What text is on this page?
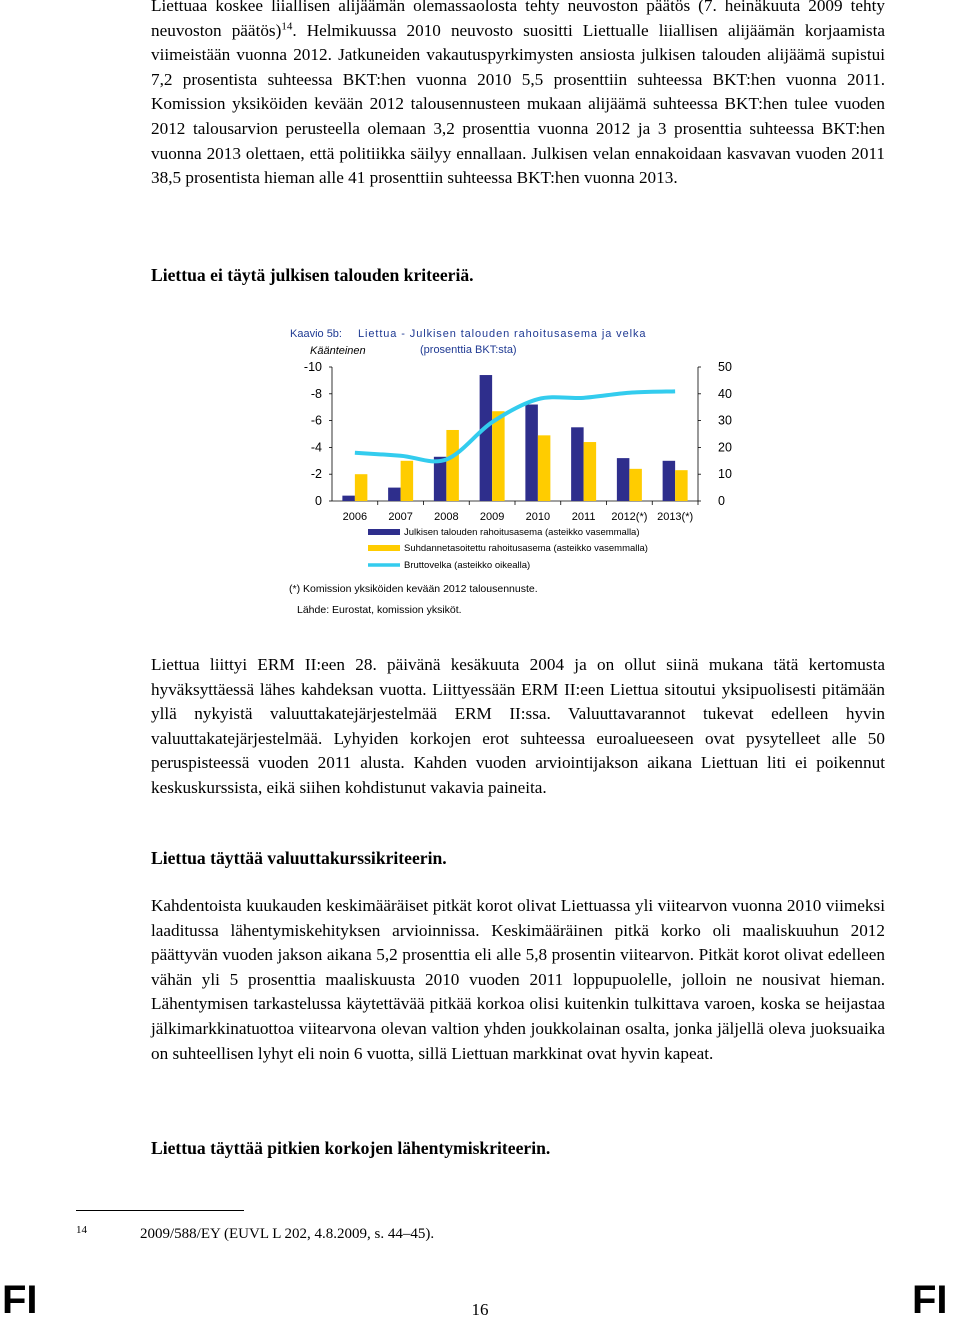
Liettuaa koskee liiallisen alijäämän olemassaolosta tehty neuvoston päätös (7. heinäkuuta 2009 tehty neuvoston päätös)$^{14}$. Helmikuussa 2010 neuvosto suositti Liettualle liiallisen alijäämän korjaamista viimeistään vuonna 2012. Jatkuneiden vakautuspyrkimysten ansiosta julkisen talouden alijäämä supistui 7,2 prosentista suhteessa BKT:hen vuonna 2010 5,5 prosenttiin suhteessa BKT:hen vuonna 2011. Komission yksiköiden kevään 2012 talousennusteen mukaan alijäämä suhteessa BKT:hen tulee vuoden 2012 talousarvion perusteella olemaan 3,2 prosenttia vuonna 2012 ja 3 prosenttia suhteessa BKT:hen vuonna 2013 olettaen, että politiikka säilyy ennallaan. Julkisen velan ennakoidaan kasvavan vuoden 2011 38,5 prosentista hieman alle 41 prosenttiin suhteessa BKT:hen vuonna 2013.

Liettua ei täytä julkisen talouden kriteeriä.

Kaavio 5b: Liettua - Julkisen talouden rahoitusasema ja velka
(prosenttia BKT:sta)
Käänteinen
-10
-8
-6
-4
-2
0
50
40
30
20
10
0
2006 2007 2008 2009 2010 2011 2012(*) 2013(*)
Julkisen talouden rahoitusasema (asteikko vasemmalla)
Suhdannetasoitettu rahoitusasema (asteikko vasemmalla)
Bruttovelka (asteikko oikealla)
(*) Komission yksiköiden kevään 2012 talousennuste.
Lähde: Eurostat, komission yksiköt.

Liettua liittyi ERM II:een 28. päivänä kesäkuuta 2004 ja on ollut siinä mukana tätä kertomusta hyväksyttäessä lähes kahdeksan vuotta. Liittyessään ERM II:een Liettua sitoutui yksipuolisesti pitämään yllä nykyistä valuuttakatejärjestelmää ERM II:ssa. Valuuttavarannot tukevat edelleen hyvin valuuttakatejärjestelmää. Lyhyiden korkojen erot suhteessa euroalueeseen ovat pysytelleet alle 50 peruspisteessä vuoden 2011 alusta. Kahden vuoden arviointijakson aikana Liettuan liti ei poikennut keskuskurssista, eikä siihen kohdistunut vakavia paineita.

Liettua täyttää valuuttakurssikriteerin.

Kahdentoista kuukauden keskimääräiset pitkät korot olivat Liettuassa yli viitearvon vuonna 2010 viimeksi laaditussa lähentymiskehityksen arvioinnissa. Keskimääräinen pitkä korko oli maaliskuuhun 2012 päättyvän vuoden jakson aikana 5,2 prosenttia eli alle 5,8 prosentin viitearvon. Pitkät korot olivat edelleen vähän yli 5 prosenttia maaliskuusta 2010 vuoden 2011 loppupuolelle, jolloin ne nousivat hieman. Lähentymisen tarkastelussa käytettävää pitkää korkoa olisi kuitenkin tulkittava varoen, koska se heijastaa jälkimarkkinatuottoa viitearvona olevan valtion yhden joukkolainan osalta, jonka jäljellä oleva juoksuaika on suhteellisen lyhyt eli noin 6 vuotta, sillä Liettuan markkinat ovat hyvin kapeat.

Liettua täyttää pitkien korkojen lähentymiskriteerin.

14	2009/588/EY (EUVL L 202, 4.8.2009, s. 44–45).
FI	FI
16
